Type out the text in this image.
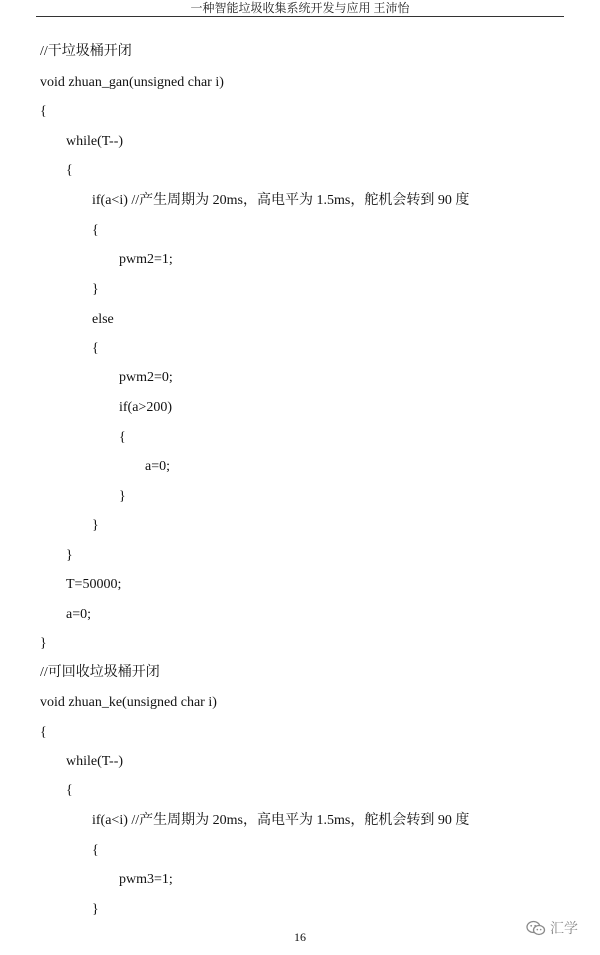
一种智能垃圾收集系统开发与应用 王沛怡
//干垃圾桶开闭
void zhuan_gan(unsigned char i)
{
while(T--)
{
if(a<i) //产生周期为 20ms，高电平为 1.5ms，舵机会转到 90 度
{
pwm2=1;
}
else
{
pwm2=0;
if(a>200)
{
a=0;
}
}
}
T=50000;
a=0;
}
//可回收垃圾桶开闭
void zhuan_ke(unsigned char i)
{
while(T--)
{
if(a<i) //产生周期为 20ms，高电平为 1.5ms，舵机会转到 90 度
{
pwm3=1;
}
16	汇学
